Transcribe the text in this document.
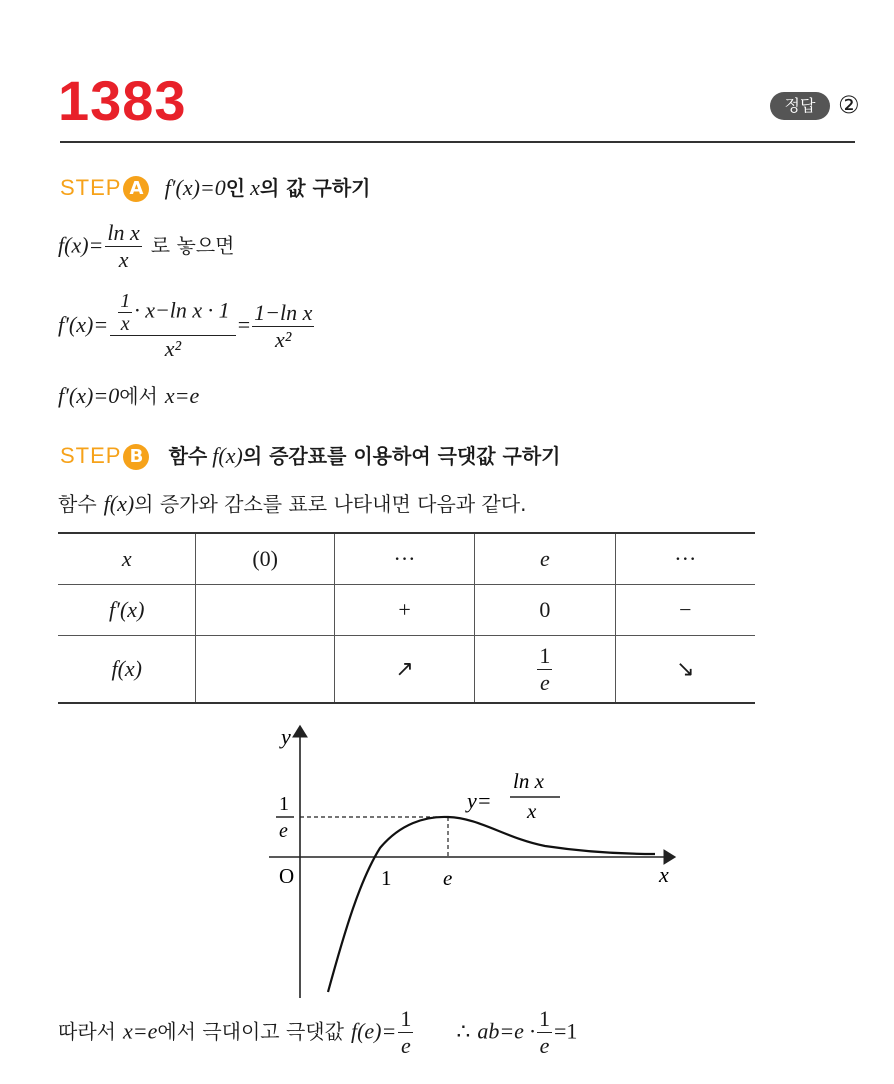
1383	정답 ②
STEP A f′(x)=0인 x의 값 구하기
$f(x)= \frac{\text{ln x}}{x}$ 로 놓으면
$f'(x)= \frac{\frac{1}{x} \cdot x-\ln x \cdot 1}{\text{x²}} = \frac{\text{1−ln x}}{\text{x²}}$
f′(x)=0에서 x=e
STEP B 함수 f(x)의 증감표를 이용하여 극댓값 구하기
함수 f(x)의 증가와 감소를 표로 나타내면 다음과 같다.
x	(0)	···	e	···
f′(x)		+	0	−
f(x)		↗	$\frac{1}{e}$	↘
y
x
O	1 e
1
e
y=
ln x
x
따라서 x=e에서 극대이고 극댓값 $f(e)= \frac{1}{e}$ ∴ $ab=e \cdot \frac{1}{e} =1$
